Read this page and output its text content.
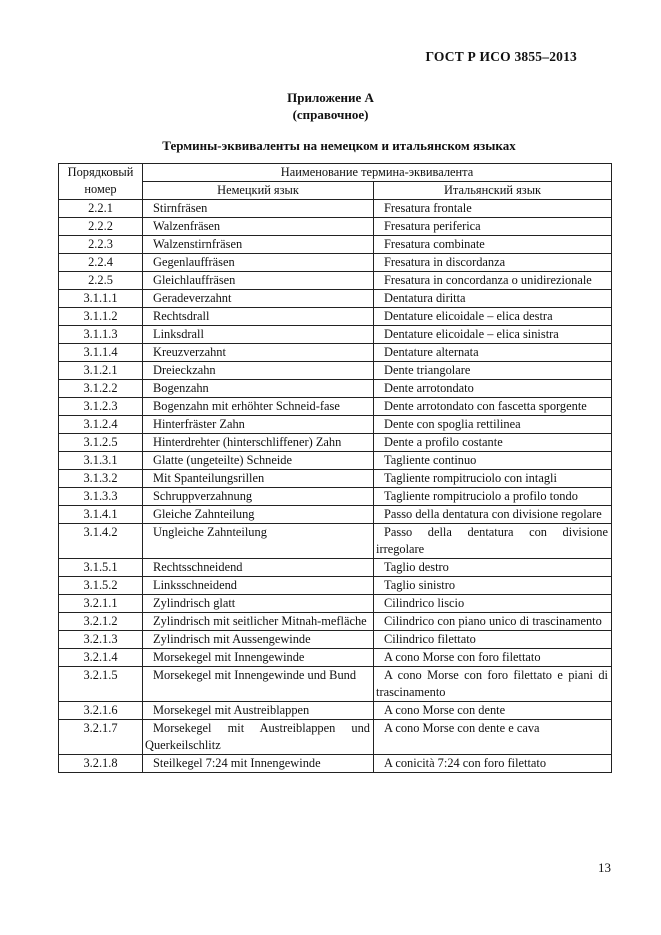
ГОСТ Р ИСО 3855–2013
Приложение А
(справочное)
Термины-эквиваленты на немецком и итальянском языках
Порядковый
номер	Наименование термина-эквивалента	
	Немецкий язык	Итальянский язык
2.2.1	Stirnfräsen	Fresatura frontale
2.2.2	Walzenfräsen	Fresatura periferica
2.2.3	Walzenstirnfräsen	Fresatura combinate
2.2.4	Gegenlauffräsen	Fresatura in discordanza
2.2.5	Gleichlauffräsen	Fresatura in concordanza o unidirezionale
3.1.1.1	Geradeverzahnt	Dentatura diritta
3.1.1.2	Rechtsdrall	Dentature elicoidale – elica destra
3.1.1.3	Linksdrall	Dentature elicoidale – elica sinistra
3.1.1.4	Kreuzverzahnt	Dentature alternata
3.1.2.1	Dreieckzahn	Dente triangolare
3.1.2.2	Bogenzahn	Dente arrotondato
3.1.2.3	Bogenzahn mit erhöhter Schneid-fase	Dente arrotondato con fascetta sporgente
3.1.2.4	Hinterfräster Zahn	Dente con spoglia rettilinea
3.1.2.5	Hinterdrehter (hinterschliffener) Zahn	Dente a profilo costante
3.1.3.1	Glatte (ungeteilte) Schneide	Tagliente continuo
3.1.3.2	Mit Spanteilungsrillen	Tagliente rompitruciolo con intagli
3.1.3.3	Schruppverzahnung	Tagliente rompitruciolo a profilo tondo
3.1.4.1	Gleiche Zahnteilung	Passo della dentatura con divisione regolare
3.1.4.2	Ungleiche Zahnteilung	Passo della dentatura con divisione irregolare
3.1.5.1	Rechtsschneidend	Taglio destro
3.1.5.2	Linksschneidend	Taglio sinistro
3.2.1.1	Zylindrisch glatt	Cilindrico liscio
3.2.1.2	Zylindrisch mit seitlicher Mitnah-mefläche	Cilindrico con piano unico di trascinamento
3.2.1.3	Zylindrisch mit Aussengewinde	Cilindrico filettato
3.2.1.4	Morsekegel mit Innengewinde	A cono Morse con foro filettato
3.2.1.5	Morsekegel mit Innengewinde und Bund	A cono Morse con foro filettato e piani di trascinamento
3.2.1.6	Morsekegel mit Austreiblappen	A cono Morse con dente
3.2.1.7	Morsekegel mit Austreiblappen und Querkeilschlitz	A cono Morse con dente e cava
3.2.1.8	Steilkegel 7:24 mit Innengewinde	A conicità 7:24 con foro filettato
13
